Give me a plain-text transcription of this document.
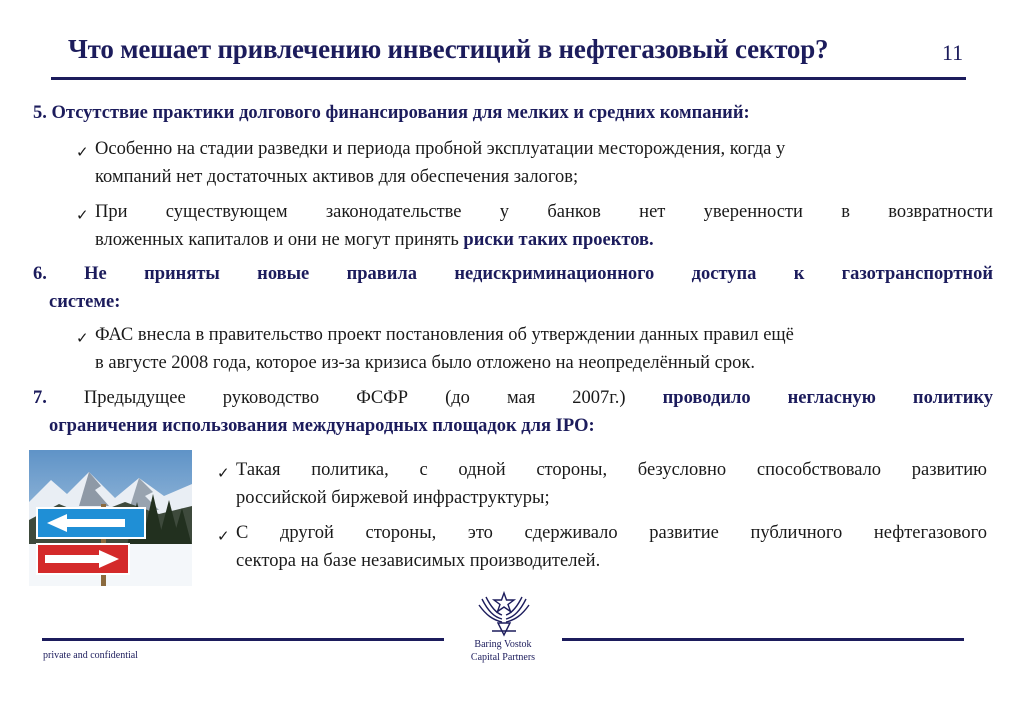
Что мешает привлечению инвестиций в нефтегазовый сектор?	11
5. Отсутствие практики долгового финансирования для мелких и средних компаний:
✓ Особенно на стадии разведки и периода пробной эксплуатации месторождения, когда у
компаний нет достаточных активов для обеспечения залогов;
✓ При существующем законодательстве у банков нет уверенности в возвратности
вложенных капиталов и они не могут принять риски таких проектов.
6. Не приняты новые правила недискриминационного доступа к газотранспортной
системе:
✓ ФАС внесла в правительство проект постановления об утверждении данных правил ещё
в августе 2008 года, которое из-за кризиса было отложено на неопределённый срок.
7. Предыдущее руководство ФСФР (до мая 2007г.) проводило негласную политику
ограничения использования международных площадок для IPO:
✓ Такая политика, с одной стороны, безусловно способствовало развитию
российской биржевой инфраструктуры;
✓ С другой стороны, это сдерживало развитие публичного нефтегазового
сектора на базе независимых производителей.
Baring Vostok
Capital Partners
private and confidential
